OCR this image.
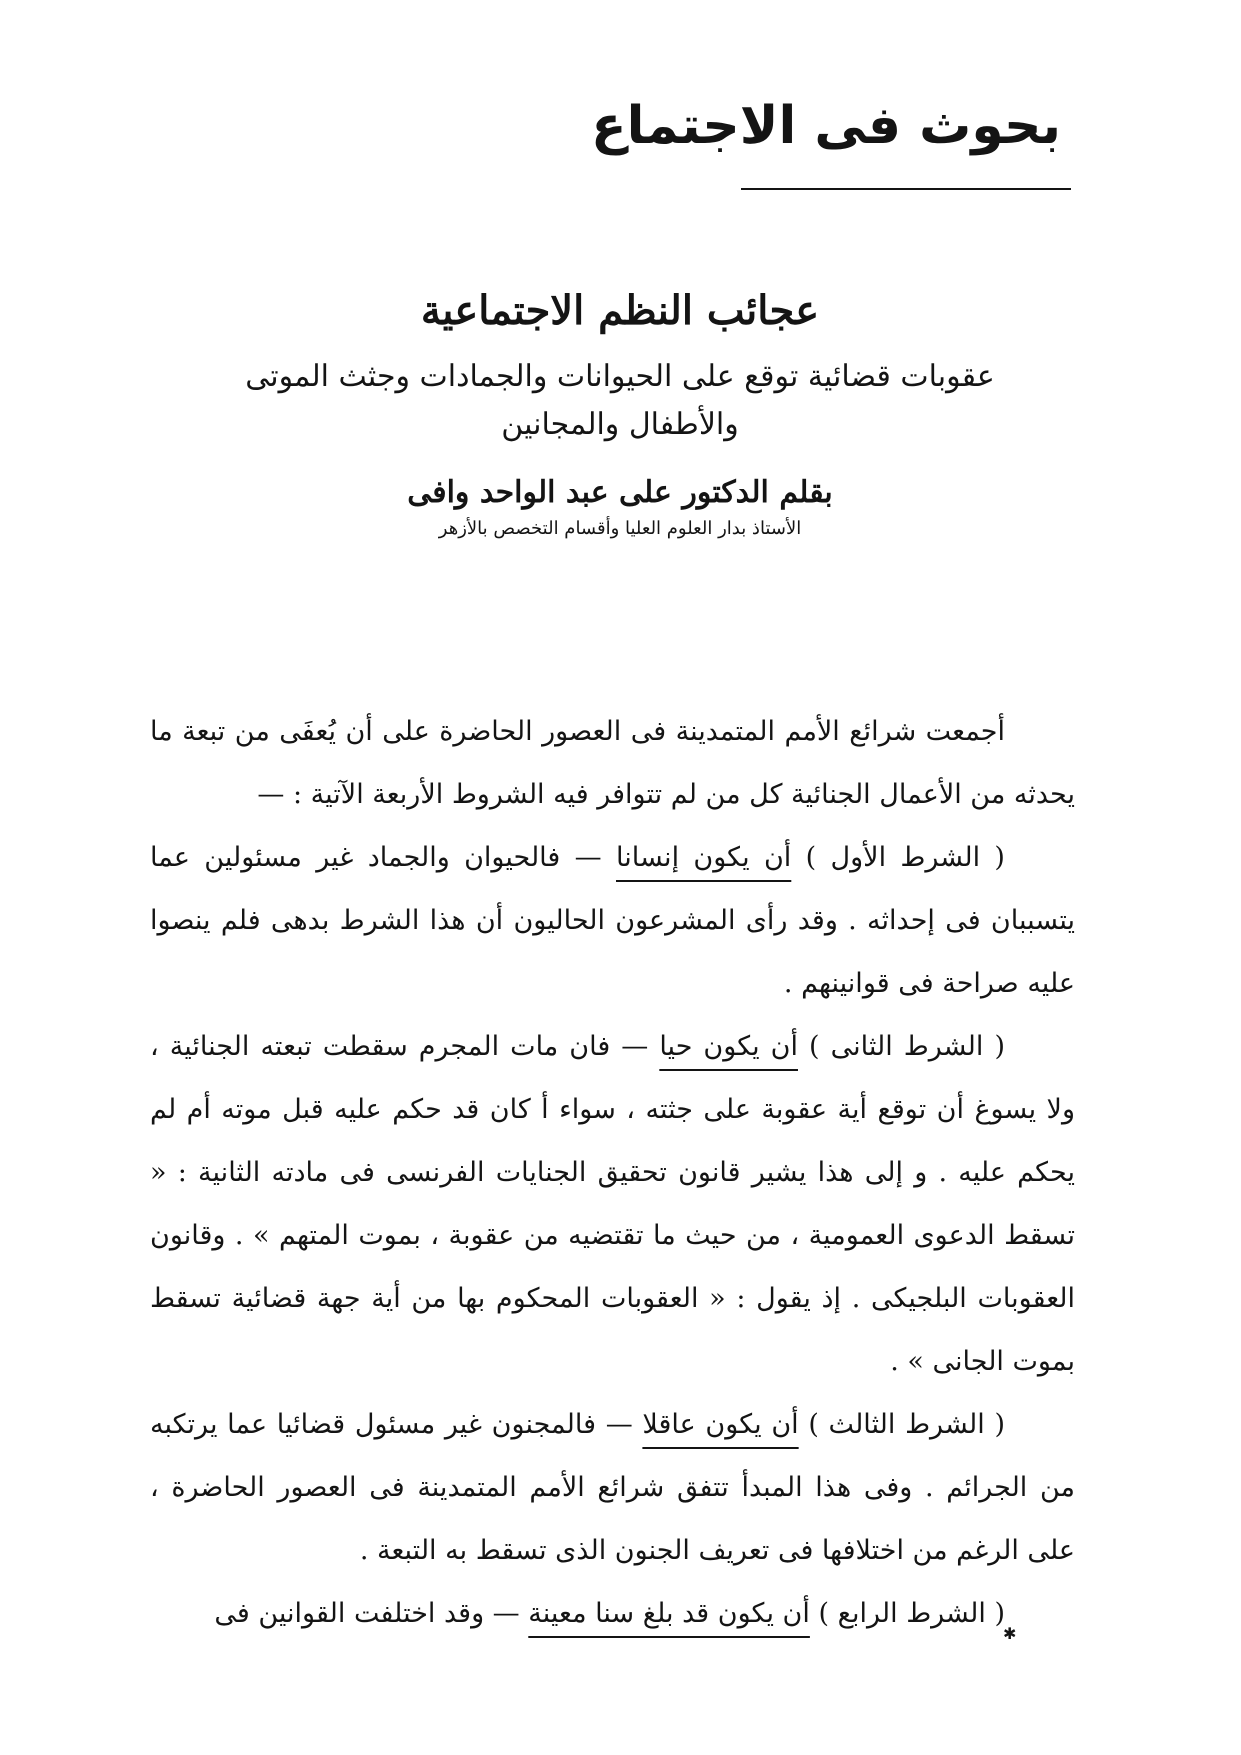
بحوث فى الاجتماع
عجائب النظم الاجتماعية

عقوبات قضائية توقع على الحيوانات والجمادات وجثث الموتى

والأطفال والمجانين

بقلم الدكتور على عبد الواحد وافى

الأستاذ بدار العلوم العليا وأقسام التخصص بالأزهر

أجمعت شرائع الأمم المتمدينة فى العصور الحاضرة على أن يُعفَى من تبعة ما يحدثه من الأعمال الجنائية كل من لم تتوافر فيه الشروط الأربعة الآتية : —

( الشرط الأول ) أن يكون إنسانا — فالحيوان والجماد غير مسئولين عما يتسببان فى إحداثه . وقد رأى المشرعون الحاليون أن هذا الشرط بدهى فلم ينصوا عليه صراحة فى قوانينهم .

( الشرط الثانى ) أن يكون حيا — فان مات المجرم سقطت تبعته الجنائية ، ولا يسوغ أن توقع أية عقوبة على جثته ، سواء أ كان قد حكم عليه قبل موته أم لم يحكم عليه . و إلى هذا يشير قانون تحقيق الجنايات الفرنسى فى مادته الثانية : « تسقط الدعوى العمومية ، من حيث ما تقتضيه من عقوبة ، بموت المتهم » . وقانون العقوبات البلجيكى . إذ يقول : « العقوبات المحكوم بها من أية جهة قضائية تسقط بموت الجانى » .

( الشرط الثالث ) أن يكون عاقلا — فالمجنون غير مسئول قضائيا عما يرتكبه من الجرائم . وفى هذا المبدأ تتفق شرائع الأمم المتمدينة فى العصور الحاضرة ، على الرغم من اختلافها فى تعريف الجنون الذى تسقط به التبعة .

( الشرط الرابع ) أن يكون قد بلغ سنا معينة — وقد اختلفت القوانين فى

✱
